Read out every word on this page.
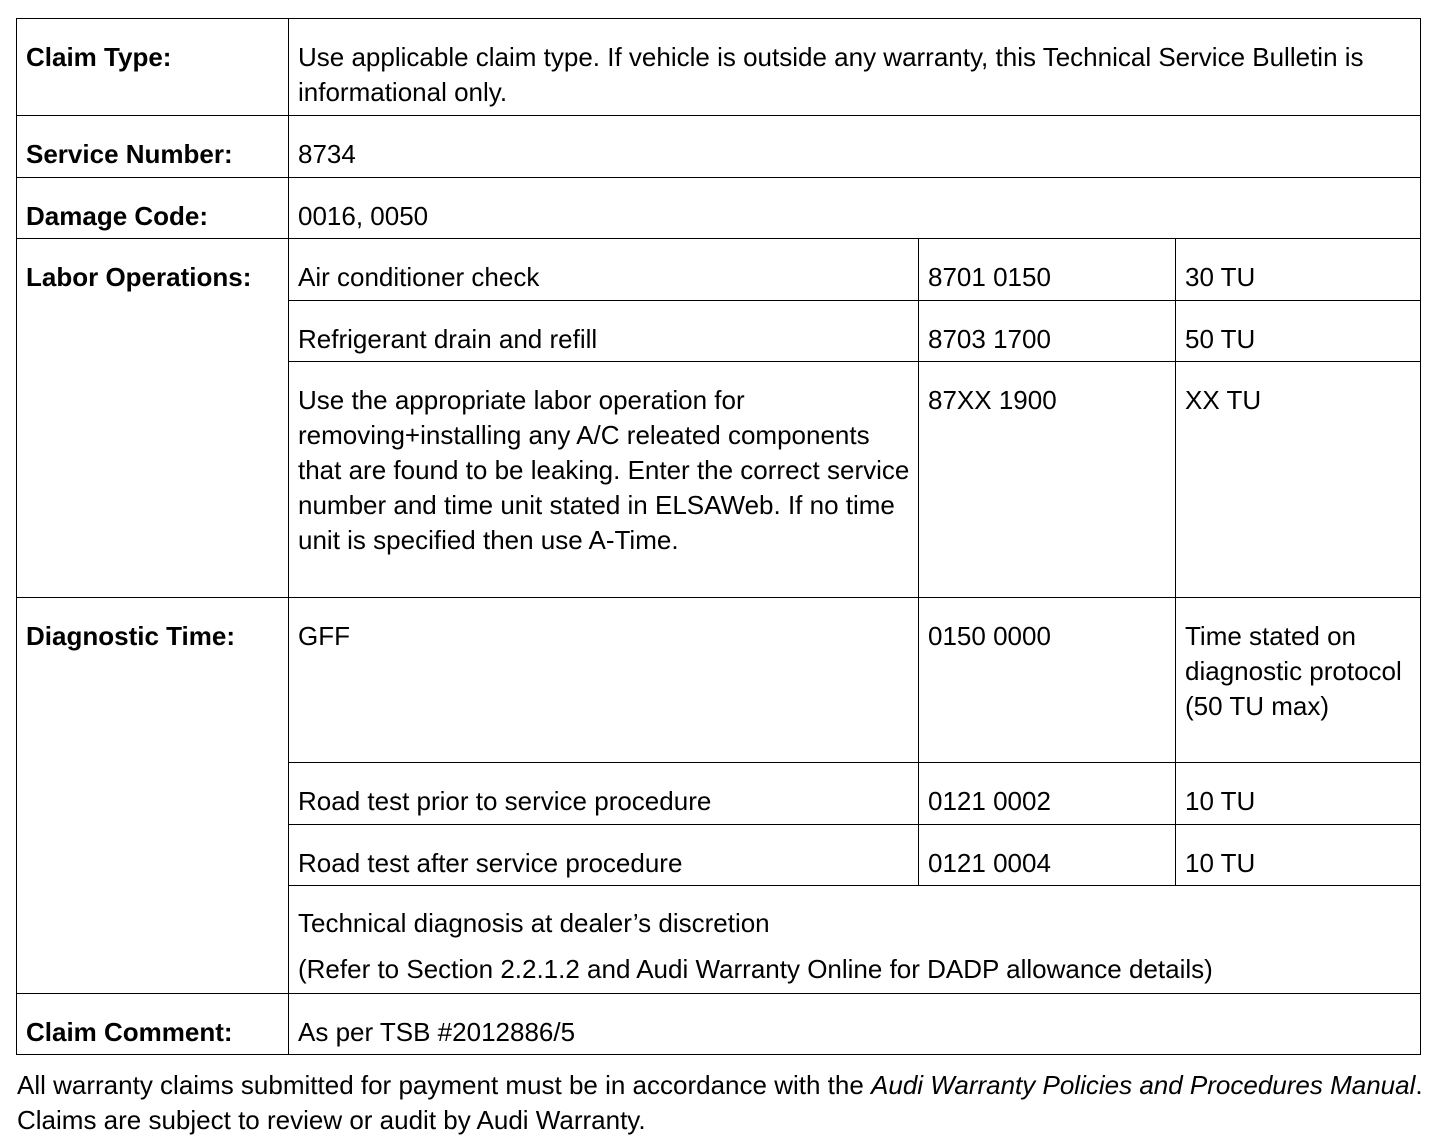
Claim Type:	Use applicable claim type. If vehicle is outside any warranty, this Technical Service Bulletin is informational only.		
Service Number:	8734		
Damage Code:	0016, 0050		
Labor Operations:	Air conditioner check	8701 0150	30 TU
	Refrigerant drain and refill	8703 1700	50 TU
	Use the appropriate labor operation for removing+installing any A/C releated components that are found to be leaking. Enter the correct service number and time unit stated in ELSAWeb. If no time unit is specified then use A-Time.	87XX 1900	XX TU
Diagnostic Time:	GFF	0150 0000	Time stated on diagnostic protocol (50 TU max)
	Road test prior to service procedure	0121 0002	10 TU
	Road test after service procedure	0121 0004	10 TU
	Technical diagnosis at dealer’s discretion
(Refer to Section 2.2.1.2 and Audi Warranty Online for DADP allowance details)		

Claim Comment:	As per TSB #2012886/5		
All warranty claims submitted for payment must be in accordance with the Audi Warranty Policies and Procedures Manual. Claims are subject to review or audit by Audi Warranty.
